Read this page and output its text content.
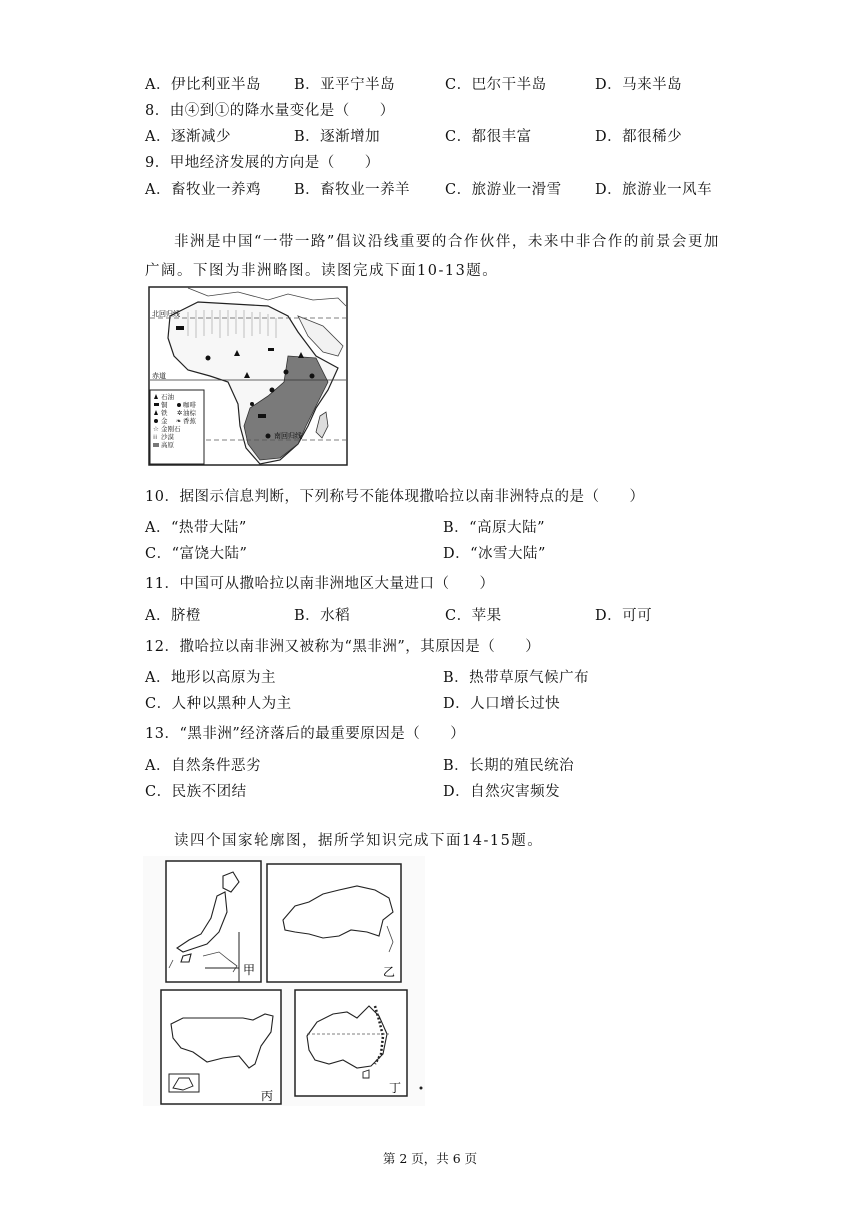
A．伊比利亚半岛 B．亚平宁半岛	C．巴尔干半岛	D．马来半岛
8．由④到①的降水量变化是（　　）
A．逐渐减少	B．逐渐增加	C．都很丰富	D．都很稀少
9．甲地经济发展的方向是（　　）
A．畜牧业一养鸡 B．畜牧业一养羊 C．旅游业一滑雪 D．旅游业一风车
非洲是中国“一带一路”倡议沿线重要的合作伙伴，未来中非合作的前景会更加广阔。下图为非洲略图。读图完成下面10-13题。
北回归线
赤道
南回归线
石油
铜 咖啡
铁 ✲ 油棕
金 ❧ 香蕉
☆ 金刚石
⁞⁞ 沙漠
高原
10．据图示信息判断，下列称号不能体现撒哈拉以南非洲特点的是（　　）
A．“热带大陆”	B．“高原大陆”
C．“富饶大陆”	D．“冰雪大陆”
11．中国可从撒哈拉以南非洲地区大量进口（　　）
A．脐橙	B．水稻	C．苹果	D．可可
12．撒哈拉以南非洲又被称为“黑非洲”，其原因是（　　）
A．地形以高原为主	B．热带草原气候广布
C．人种以黑种人为主	D．人口增长过快
13．“黑非洲”经济落后的最重要原因是（　　）
A．自然条件恶劣	B．长期的殖民统治
C．民族不团结	D．自然灾害频发
读四个国家轮廓图，据所学知识完成下面14-15题。
甲	乙
丙
丁
第 2 页，共 6 页
